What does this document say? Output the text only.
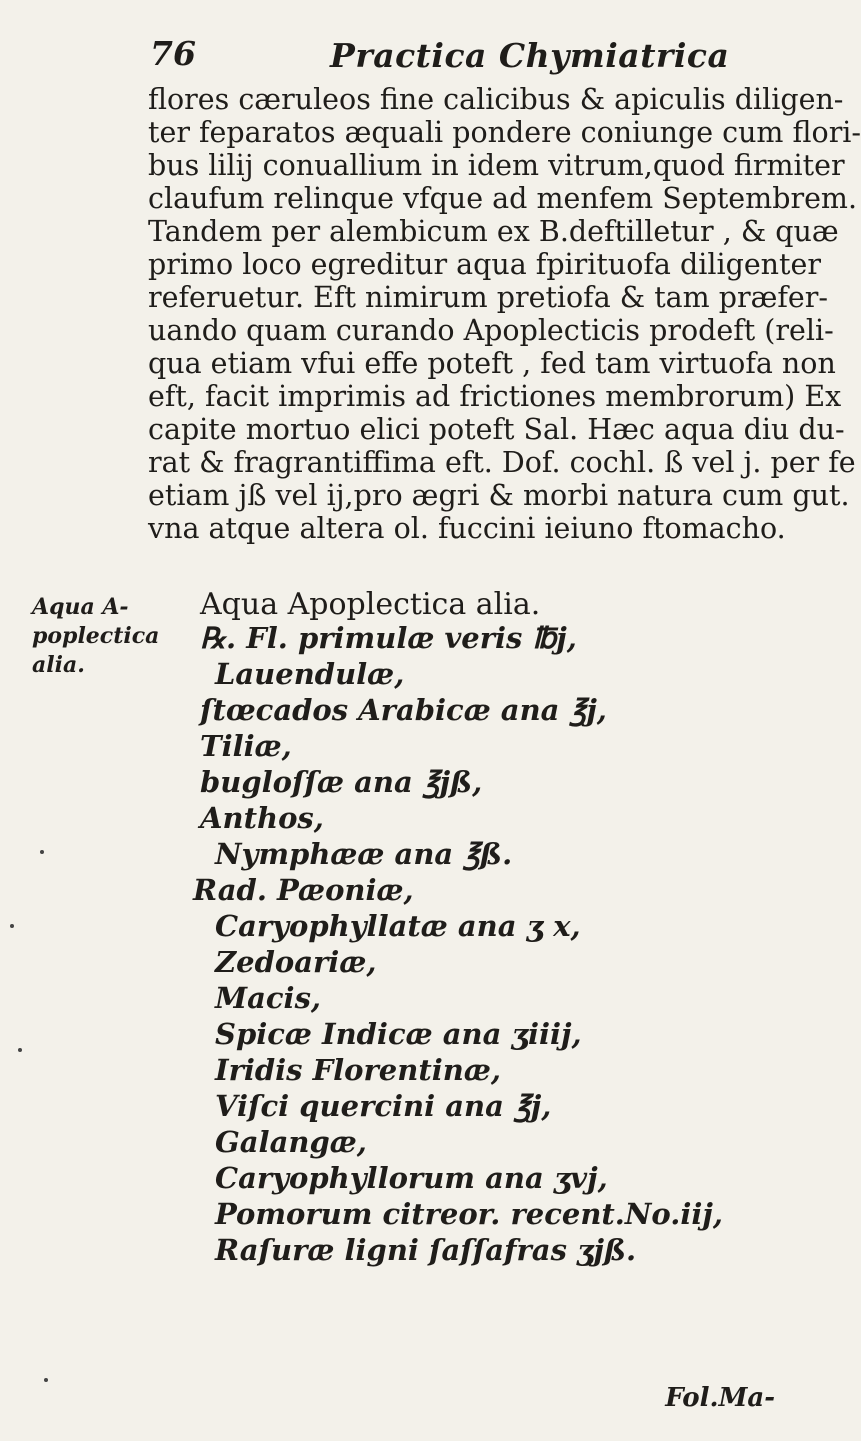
76	Practica Chymiatrica
flores cæruleos fine calicibus & apiculis diligen-
ter feparatos æquali pondere coniunge cum flori-
bus lilij conuallium in idem vitrum,quod firmiter
claufum relinque vfque ad menfem Septembrem.
Tandem per alembicum ex B.deftilletur , & quæ
primo loco egreditur aqua fpirituofa diligenter
referuetur. Eft nimirum pretiofa & tam præfer-
uando quam curando Apoplecticis prodeft (reli-
qua etiam vfui effe poteft , fed tam virtuofa non
eft, facit imprimis ad frictiones membrorum) Ex
capite mortuo elici poteft Sal. Hæc aqua diu du-
rat & fragrantiffima eft. Dof. cochl. ß vel j. per fe
etiam jß vel ij,pro ægri & morbi natura cum gut.
vna atque altera ol. fuccini ieiuno ftomacho.
Aqua Apoplectica alia.
Aqua A-
poplectica
alia.
℞. Fl. primulæ veris ℔j,
Lauendulæ,
ſtœcados Arabicæ ana ℥j,
Tiliæ,
bugloſſæ ana ℥jß,
Anthos,
Nymphææ ana ℥ß.
Rad. Pæoniæ,
Caryophyllatæ ana ʒ x,
Zedoariæ,
Macis,
Spicæ Indicæ ana ʒiiij,
Iridis Florentinæ,
Viſci quercini ana ℥j,
Galangæ,
Caryophyllorum ana ʒvj,
Pomorum citreor. recent.No.iij,
Raſuræ ligni ſaſſafras ʒjß.
Fol.Ma-
